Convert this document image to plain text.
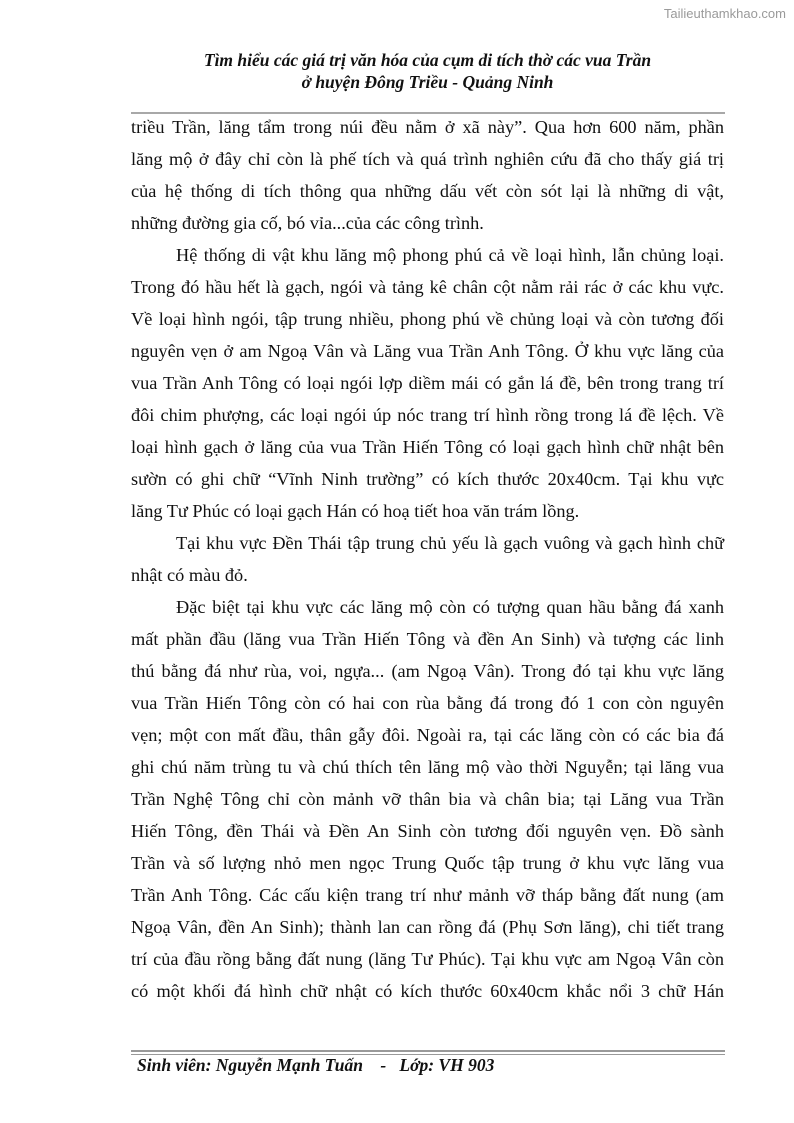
Tailieuthamkhao.com
Tìm hiểu các giá trị văn hóa của cụm di tích thờ các vua Trần
ở huyện Đông Triều - Quảng Ninh
triều Trần, lăng tẩm trong núi đều nằm ở xã này”. Qua hơn 600 năm, phần
lăng mộ ở đây chỉ còn là phế tích và quá trình nghiên cứu đã cho thấy giá trị
của hệ thống di tích thông qua những dấu vết còn sót lại là những di vật,
những đường gia cố, bó vỉa...của các công trình.
Hệ thống di vật khu lăng mộ phong phú cả về loại hình, lẫn chủng loại.
Trong đó hầu hết là gạch, ngói và tảng kê chân cột nằm rải rác ở các khu vực.
Về loại hình ngói, tập trung nhiều, phong phú về chủng loại và còn tương đối
nguyên vẹn ở am Ngoạ Vân và Lăng vua Trần Anh Tông. Ở khu vực lăng của
vua Trần Anh Tông có loại ngói lợp diềm mái có gắn lá đề, bên trong trang trí
đôi chim phượng, các loại ngói úp nóc trang trí hình rồng trong lá đề lệch. Về
loại hình gạch ở lăng của vua Trần Hiến Tông có loại gạch hình chữ nhật bên
sườn có ghi chữ “Vĩnh Ninh trường” có kích thước 20x40cm. Tại khu vực
lăng Tư Phúc có loại gạch Hán có hoạ tiết hoa văn trám lồng.
Tại khu vực Đền Thái tập trung chủ yếu là gạch vuông và gạch hình chữ
nhật có màu đỏ.
Đặc biệt tại khu vực các lăng mộ còn có tượng quan hầu bằng đá xanh
mất phần đầu (lăng vua Trần Hiến Tông và đền An Sinh) và tượng các linh
thú bằng đá như rùa, voi, ngựa... (am Ngoạ Vân). Trong đó tại khu vực lăng
vua Trần Hiến Tông còn có hai con rùa bằng đá trong đó 1 con còn nguyên
vẹn; một con mất đầu, thân gẫy đôi. Ngoài ra, tại các lăng còn có các bia đá
ghi chú năm trùng tu và chú thích tên lăng mộ vào thời Nguyễn; tại lăng vua
Trần Nghệ Tông chỉ còn mảnh vỡ thân bia và chân bia; tại Lăng vua Trần
Hiến Tông, đền Thái và Đền An Sinh còn tương đối nguyên vẹn. Đồ sành
Trần và số lượng nhỏ men ngọc Trung Quốc tập trung ở khu vực lăng vua
Trần Anh Tông. Các cấu kiện trang trí như mảnh vỡ tháp bằng đất nung (am
Ngoạ Vân, đền An Sinh); thành lan can rồng đá (Phụ Sơn lăng), chi tiết trang
trí của đầu rồng bằng đất nung (lăng Tư Phúc). Tại khu vực am Ngoạ Vân còn
có một khối đá hình chữ nhật có kích thước 60x40cm khắc nổi 3 chữ Hán
Sinh viên: Nguyễn Mạnh Tuấn    -   Lớp: VH 903
